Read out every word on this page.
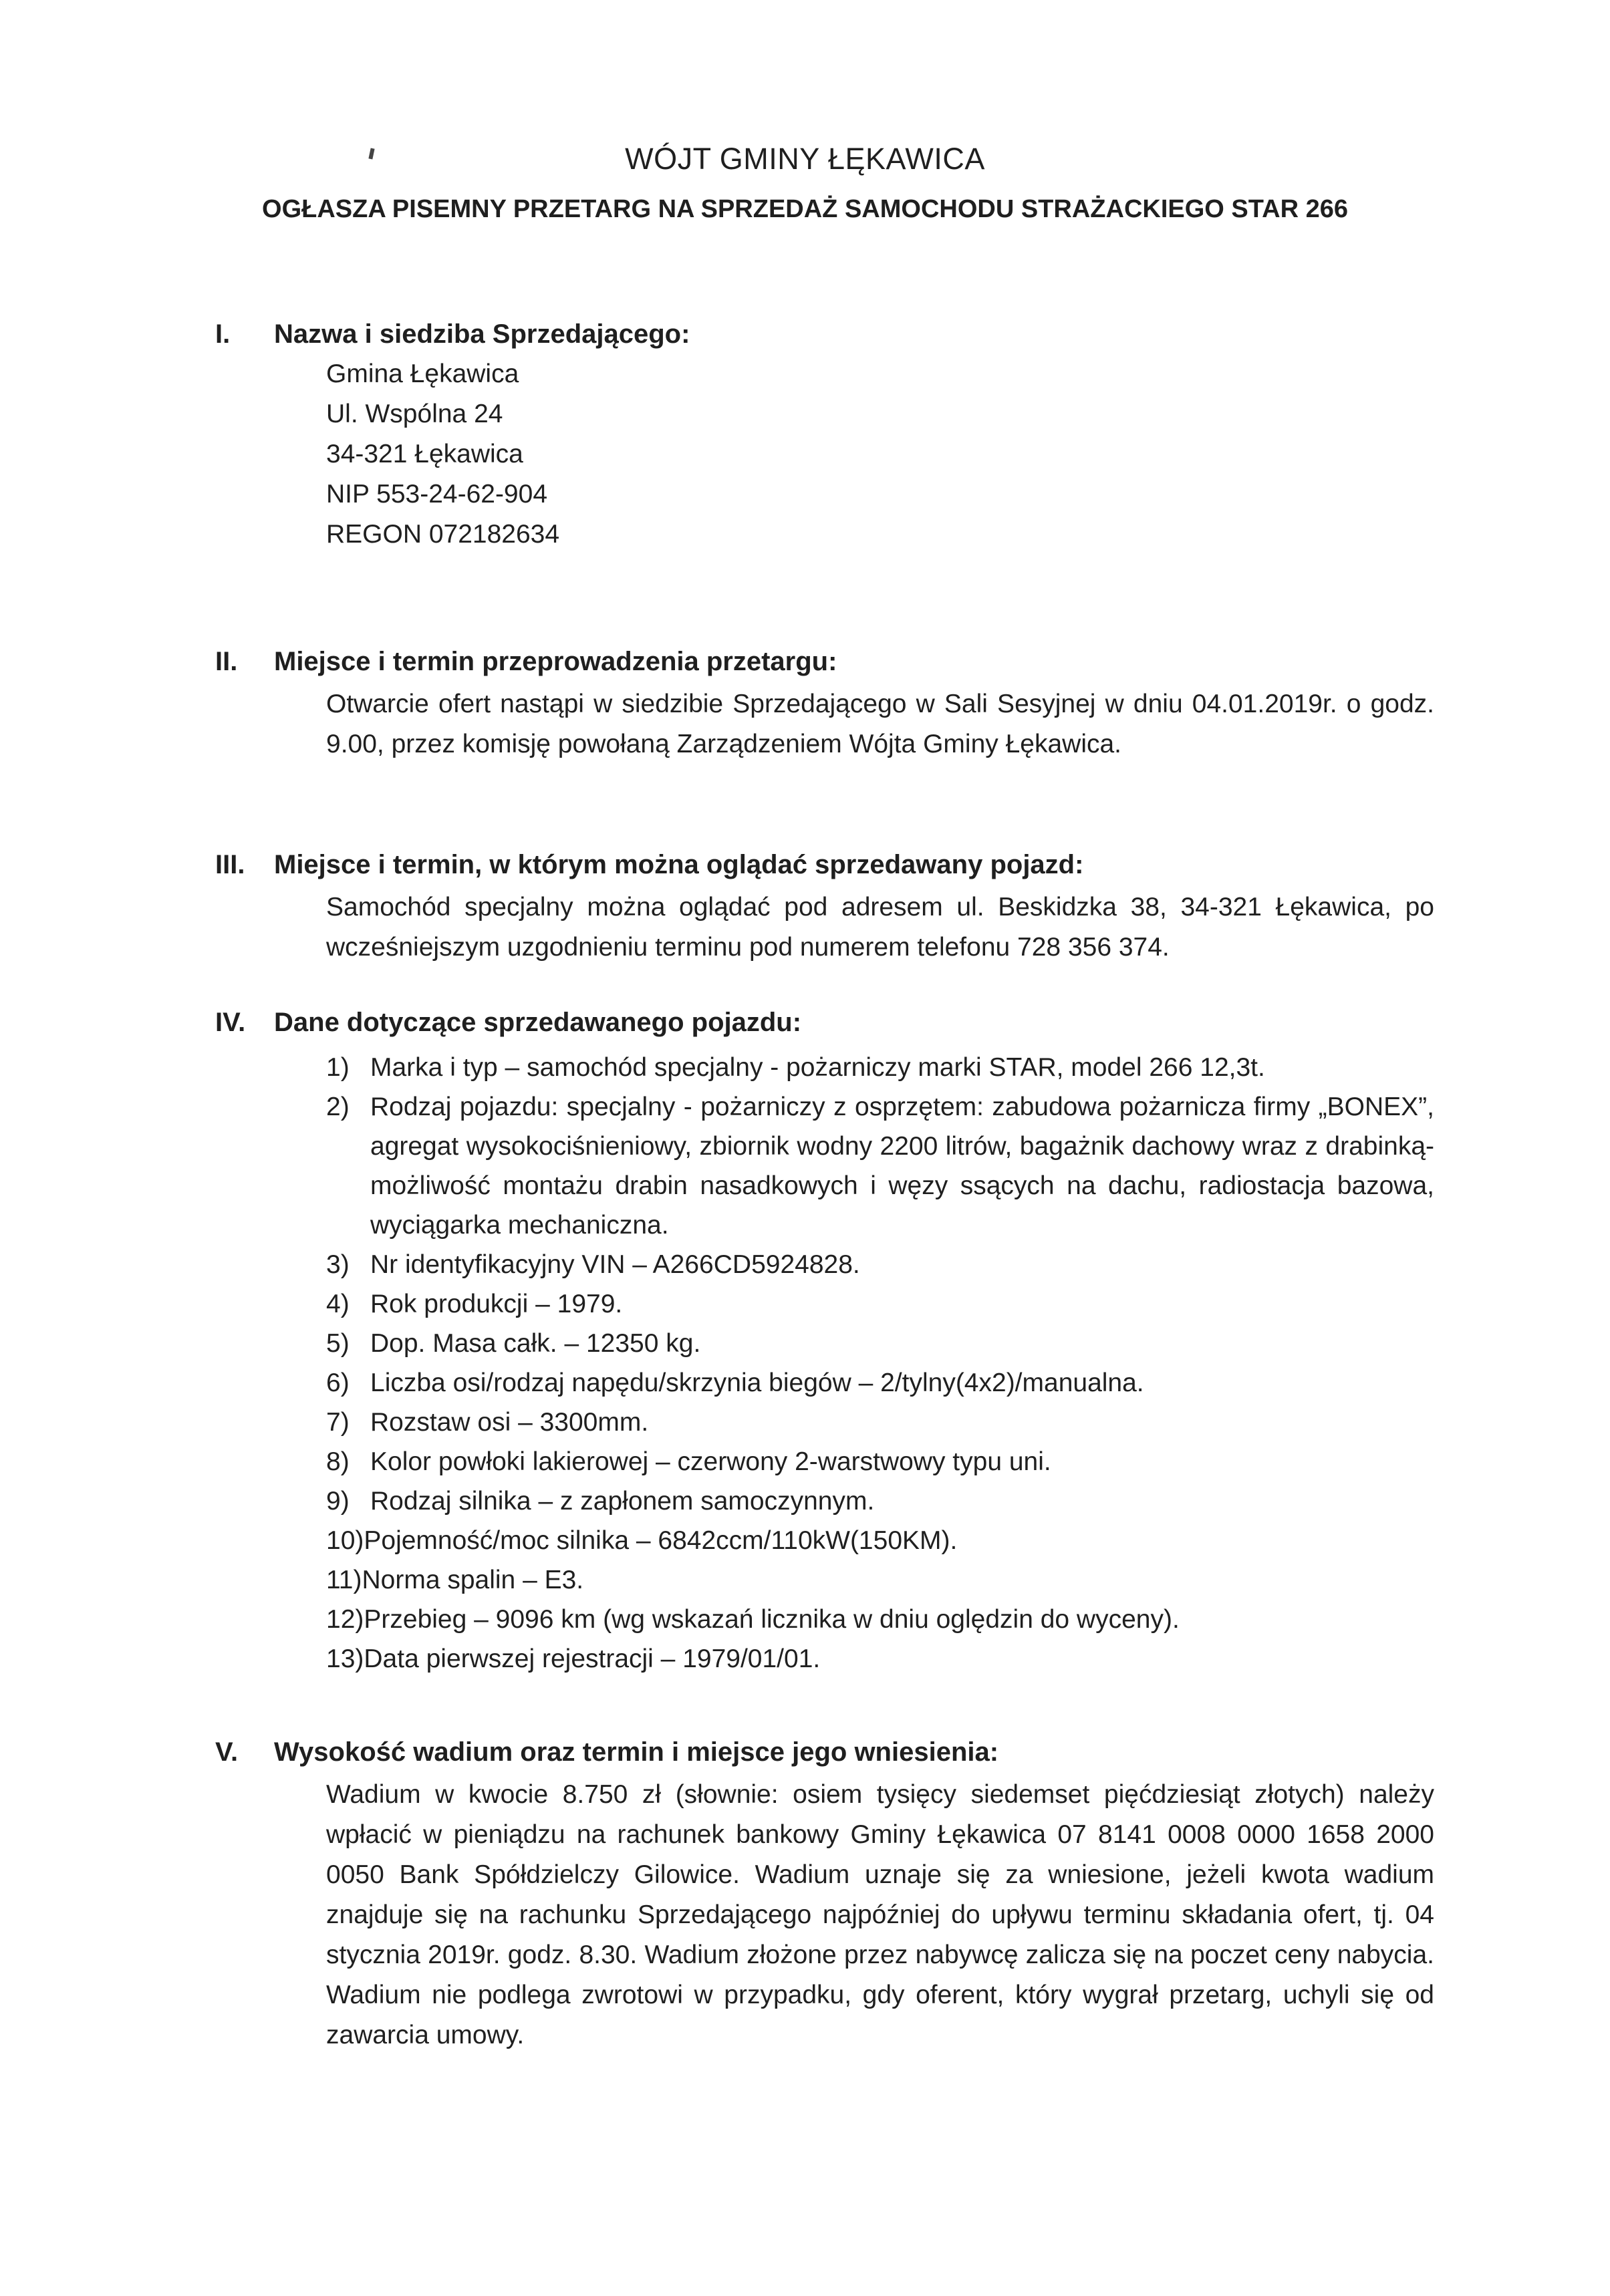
WÓJT GMINY ŁĘKAWICA
OGŁASZA PISEMNY PRZETARG NA SPRZEDAŻ SAMOCHODU STRAŻACKIEGO STAR 266
I. Nazwa i siedziba Sprzedającego:
Gmina Łękawica
Ul. Wspólna 24
34-321 Łękawica
NIP 553-24-62-904
REGON 072182634
II. Miejsce i termin przeprowadzenia przetargu:
Otwarcie ofert nastąpi w siedzibie Sprzedającego w Sali Sesyjnej w dniu 04.01.2019r. o godz. 9.00, przez komisję powołaną Zarządzeniem Wójta Gminy Łękawica.
III. Miejsce i termin, w którym można oglądać sprzedawany pojazd:
Samochód specjalny można oglądać pod adresem ul. Beskidzka 38, 34-321 Łękawica, po wcześniejszym uzgodnieniu terminu pod numerem telefonu 728 356 374.
IV. Dane dotyczące sprzedawanego pojazdu:
1) Marka i typ – samochód specjalny - pożarniczy marki STAR, model 266 12,3t.
2) Rodzaj pojazdu: specjalny - pożarniczy z osprzętem: zabudowa pożarnicza firmy „BONEX”, agregat wysokociśnieniowy, zbiornik wodny 2200 litrów, bagażnik dachowy wraz z drabinką- możliwość montażu drabin nasadkowych i węzy ssących na dachu, radiostacja bazowa, wyciągarka mechaniczna.
3) Nr identyfikacyjny VIN – A266CD5924828.
4) Rok produkcji – 1979.
5) Dop. Masa całk. – 12350 kg.
6) Liczba osi/rodzaj napędu/skrzynia biegów – 2/tylny(4x2)/manualna.
7) Rozstaw osi – 3300mm.
8) Kolor powłoki lakierowej – czerwony 2-warstwowy typu uni.
9) Rodzaj silnika – z zapłonem samoczynnym.
10)Pojemność/moc silnika – 6842ccm/110kW(150KM).
11)Norma spalin – E3.
12)Przebieg – 9096 km (wg wskazań licznika w dniu oględzin do wyceny).
13)Data pierwszej rejestracji – 1979/01/01.
V. Wysokość wadium oraz termin i miejsce jego wniesienia:
Wadium w kwocie 8.750 zł (słownie: osiem tysięcy siedemset pięćdziesiąt złotych) należy wpłacić w pieniądzu na rachunek bankowy Gminy Łękawica 07 8141 0008 0000 1658 2000 0050 Bank Spółdzielczy Gilowice. Wadium uznaje się za wniesione, jeżeli kwota wadium znajduje się na rachunku Sprzedającego najpóźniej do upływu terminu składania ofert, tj. 04 stycznia 2019r. godz. 8.30. Wadium złożone przez nabywcę zalicza się na poczet ceny nabycia. Wadium nie podlega zwrotowi w przypadku, gdy oferent, który wygrał przetarg, uchyli się od zawarcia umowy.
